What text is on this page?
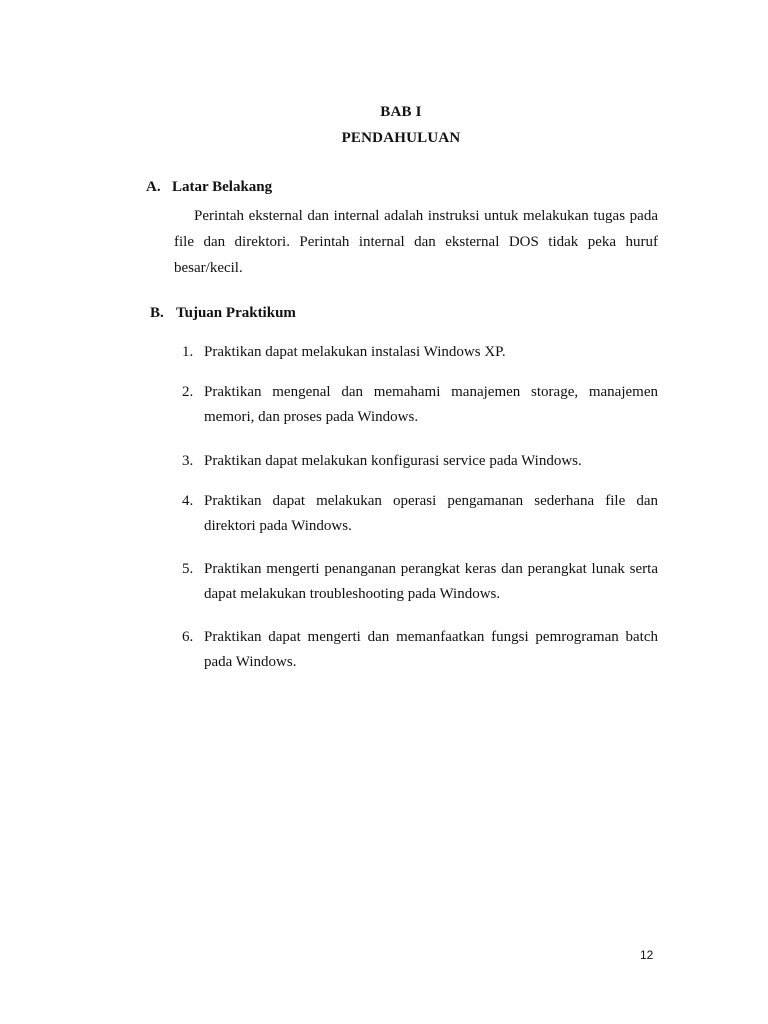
BAB I

PENDAHULUAN

A. Latar Belakang

Perintah eksternal dan internal adalah instruksi untuk melakukan tugas pada file dan direktori. Perintah internal dan eksternal DOS tidak peka huruf besar/kecil.

B. Tujuan Praktikum

1. Praktikan dapat melakukan instalasi Windows XP.

2. Praktikan mengenal dan memahami manajemen storage, manajemen memori, dan proses pada Windows.

3. Praktikan dapat melakukan konfigurasi service pada Windows.

4. Praktikan dapat melakukan operasi pengamanan sederhana file dan direktori pada Windows.

5. Praktikan mengerti penanganan perangkat keras dan perangkat lunak serta dapat melakukan troubleshooting pada Windows.

6. Praktikan dapat mengerti dan memanfaatkan fungsi pemrograman batch pada Windows.

12
